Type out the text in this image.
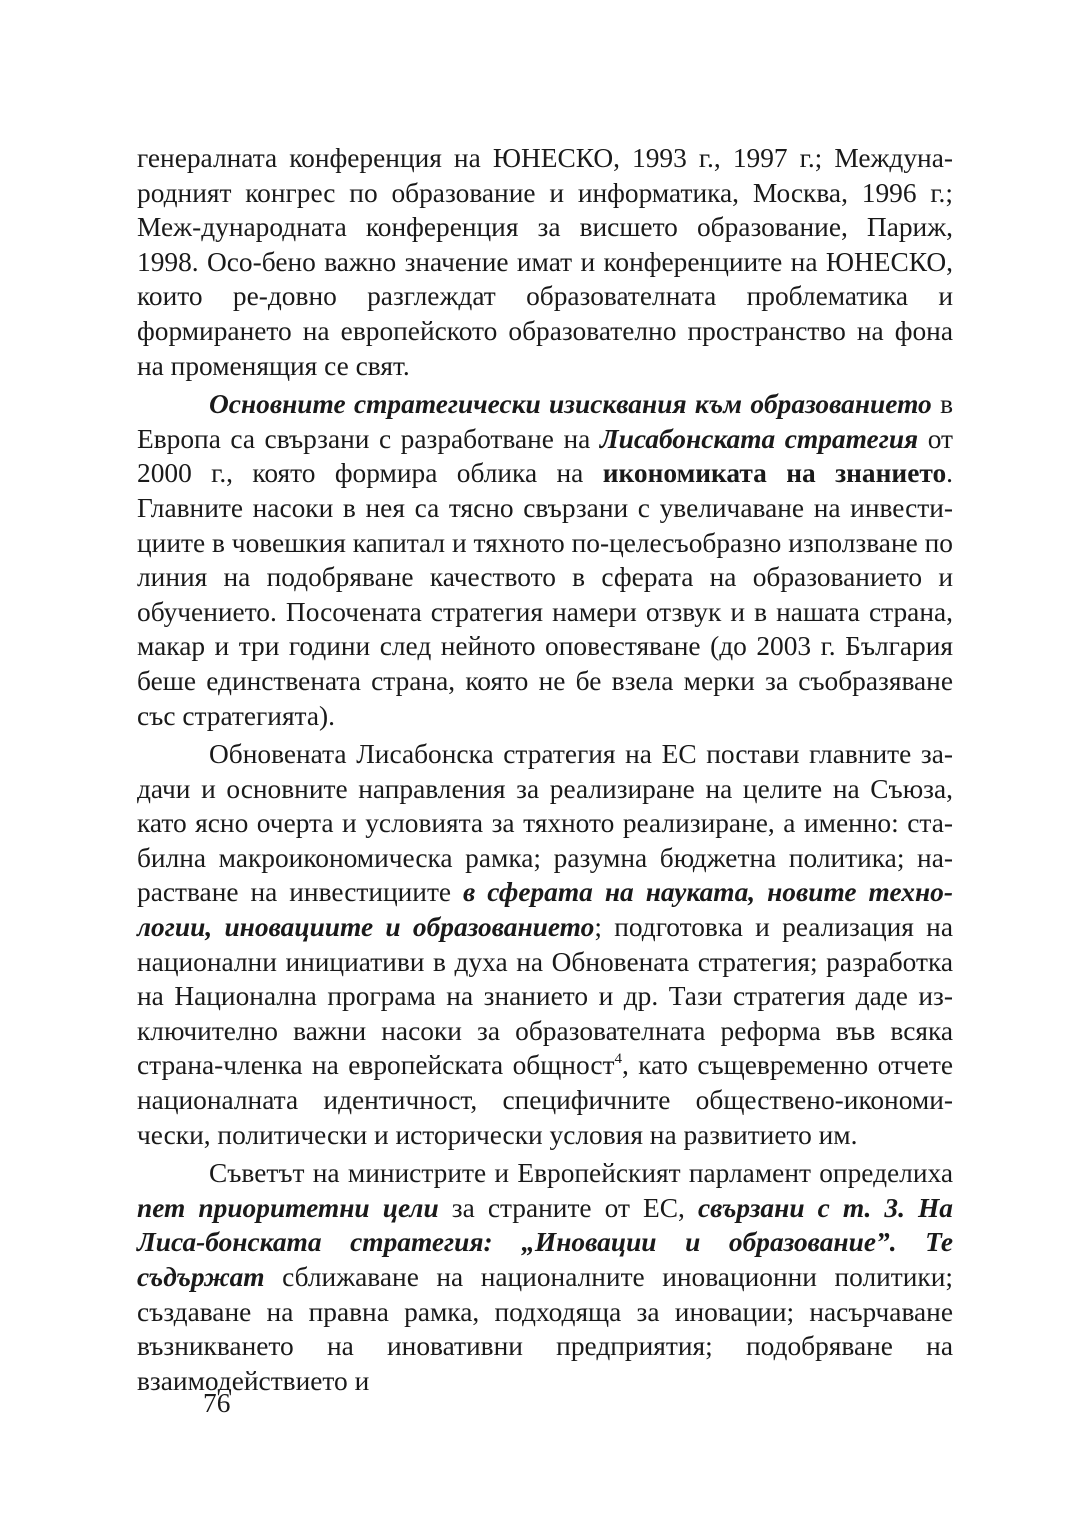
генералната конференция на ЮНЕСКО, 1993 г., 1997 г.; Междуна-родният конгрес по образование и информатика, Москва, 1996 г.; Меж-дународната конференция за висшето образование, Париж, 1998. Осо-бено важно значение имат и конференциите на ЮНЕСКО, които ре-довно разглеждат образователната проблематика и формирането на европейското образователно пространство на фона на променящия се свят.

Основните стратегически изисквания към образованието в Европа са свързани с разработване на Лисабонската стратегия от 2000 г., която формира облика на икономиката на знанието. Главните насоки в нея са тясно свързани с увеличаване на инвести-циите в човешкия капитал и тяхното по-целесъобразно използване по линия на подобряване качеството в сферата на образованието и обучението. Посочената стратегия намери отзвук и в нашата страна, макар и три години след нейното оповестяване (до 2003 г. България беше единствената страна, която не бе взела мерки за съобразяване със стратегията).

Обновената Лисабонска стратегия на ЕС постави главните за-дачи и основните направления за реализиране на целите на Съюза, като ясно очерта и условията за тяхното реализиране, а именно: ста-билна макроикономическа рамка; разумна бюджетна политика; на-растване на инвестициите в сферата на науката, новите техно-логии, иновациите и образованието; подготовка и реализация на национални инициативи в духа на Обновената стратегия; разработка на Национална програма на знанието и др. Тази стратегия даде из-ключително важни насоки за образователната реформа във всяка страна-членка на европейската общност$^4$, като същевременно отчете националната идентичност, специфичните обществено-икономи-чески, политически и исторически условия на развитието им.

Съветът на министрите и Европейският парламент определиха пет приоритетни цели за страните от ЕС, свързани с т. 3. На Лиса-бонската стратегия: „Иновации и образование”. Те съдържат сближаване на националните иновационни политики; създаване на правна рамка, подходяща за иновации; насърчаване възникването на иновативни предприятия; подобряване на взаимодействието и

76
